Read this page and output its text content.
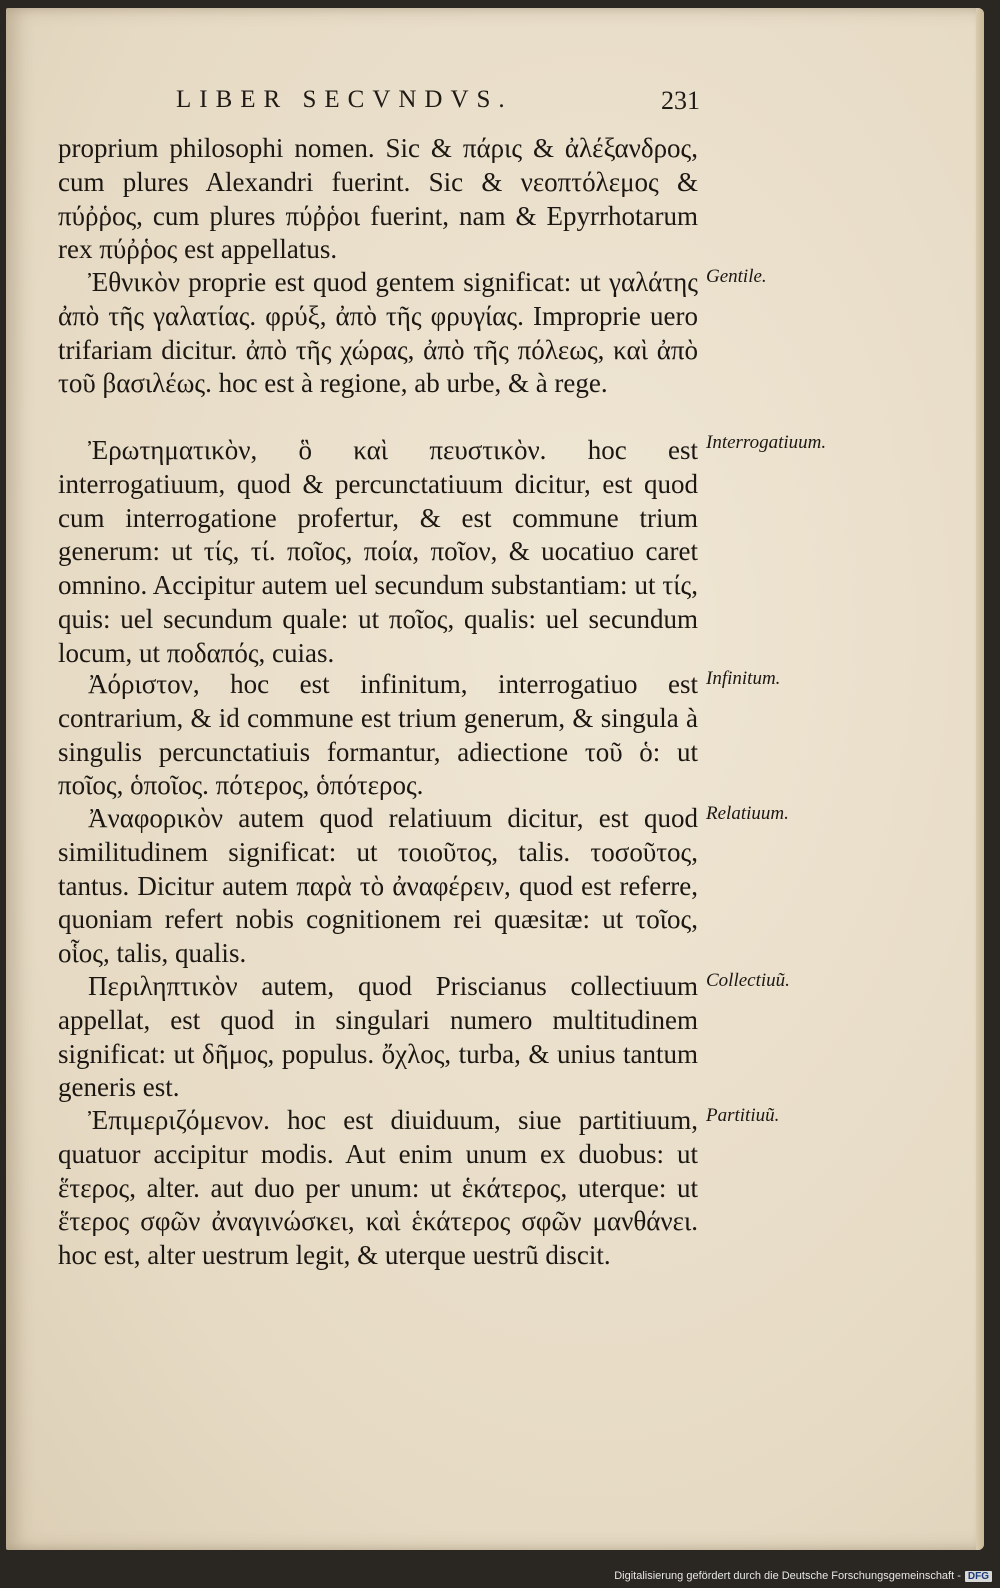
LIBER SECVNDVS.	231

proprium philosophi nomen. Sic & πάρις & ἀλέξανδρος, cum plures Alexandri fuerint. Sic & νεοπτόλεμος & πύῤῥος, cum plures πύῤῥοι fuerint, nam & Epyrrhotarum rex πύῤῥος est appellatus.

Ἐθνικὸν proprie est quod gentem significat: ut γαλάτης ἀπὸ τῆς γαλατίας. φρύξ, ἀπὸ τῆς φρυγίας. Improprie uero trifariam dicitur. ἀπὸ τῆς χώρας, ἀπὸ τῆς πόλεως, καὶ ἀπὸ τοῦ βασιλέως. hoc est à regione, ab urbe, & à rege.

Ἐρωτηματικὸν, ὃ καὶ πευστικὸν. hoc est interrogatiuum, quod & percunctatiuum dicitur, est quod cum interrogatione profertur, & est commune trium generum: ut τίς, τί. ποῖος, ποία, ποῖον, & uocatiuo caret omnino. Accipitur autem uel secundum substantiam: ut τίς, quis: uel secundum quale: ut ποῖος, qualis: uel secundum locum, ut ποδαπός, cuias.

Ἀόριστον, hoc est infinitum, interrogatiuo est contrarium, & id commune est trium generum, & singula à singulis percunctatiuis formantur, adiectione τοῦ ὁ: ut ποῖος, ὁποῖος. πότερος, ὁπότερος.

Ἀναφορικὸν autem quod relatiuum dicitur, est quod similitudinem significat: ut τοιοῦτος, talis. τοσοῦτος, tantus. Dicitur autem παρὰ τὸ ἀναφέρειν, quod est referre, quoniam refert nobis cognitionem rei quæsitæ: ut τοῖος, οἷος, talis, qualis.

Περιληπτικὸν autem, quod Priscianus collectiuum appellat, est quod in singulari numero multitudinem significat: ut δῆμος, populus. ὄχλος, turba, & unius tantum generis est.

Ἐπιμεριζόμενον. hoc est diuiduum, siue partitiuum, quatuor accipitur modis. Aut enim unum ex duobus: ut ἕτερος, alter. aut duo per unum: ut ἑκάτερος, uterque: ut ἕτερος σφῶν ἀναγινώσκει, καὶ ἑκάτερος σφῶν μανθάνει. hoc est, alter uestrum legit, & uterque uestrũ discit.

Gentile.
Interrogatiuum.
Infinitum.
Relatiuum.
Collectiuũ.
Partitiuũ.
Digitalisierung gefördert durch die Deutsche Forschungsgemeinschaft - DFG
